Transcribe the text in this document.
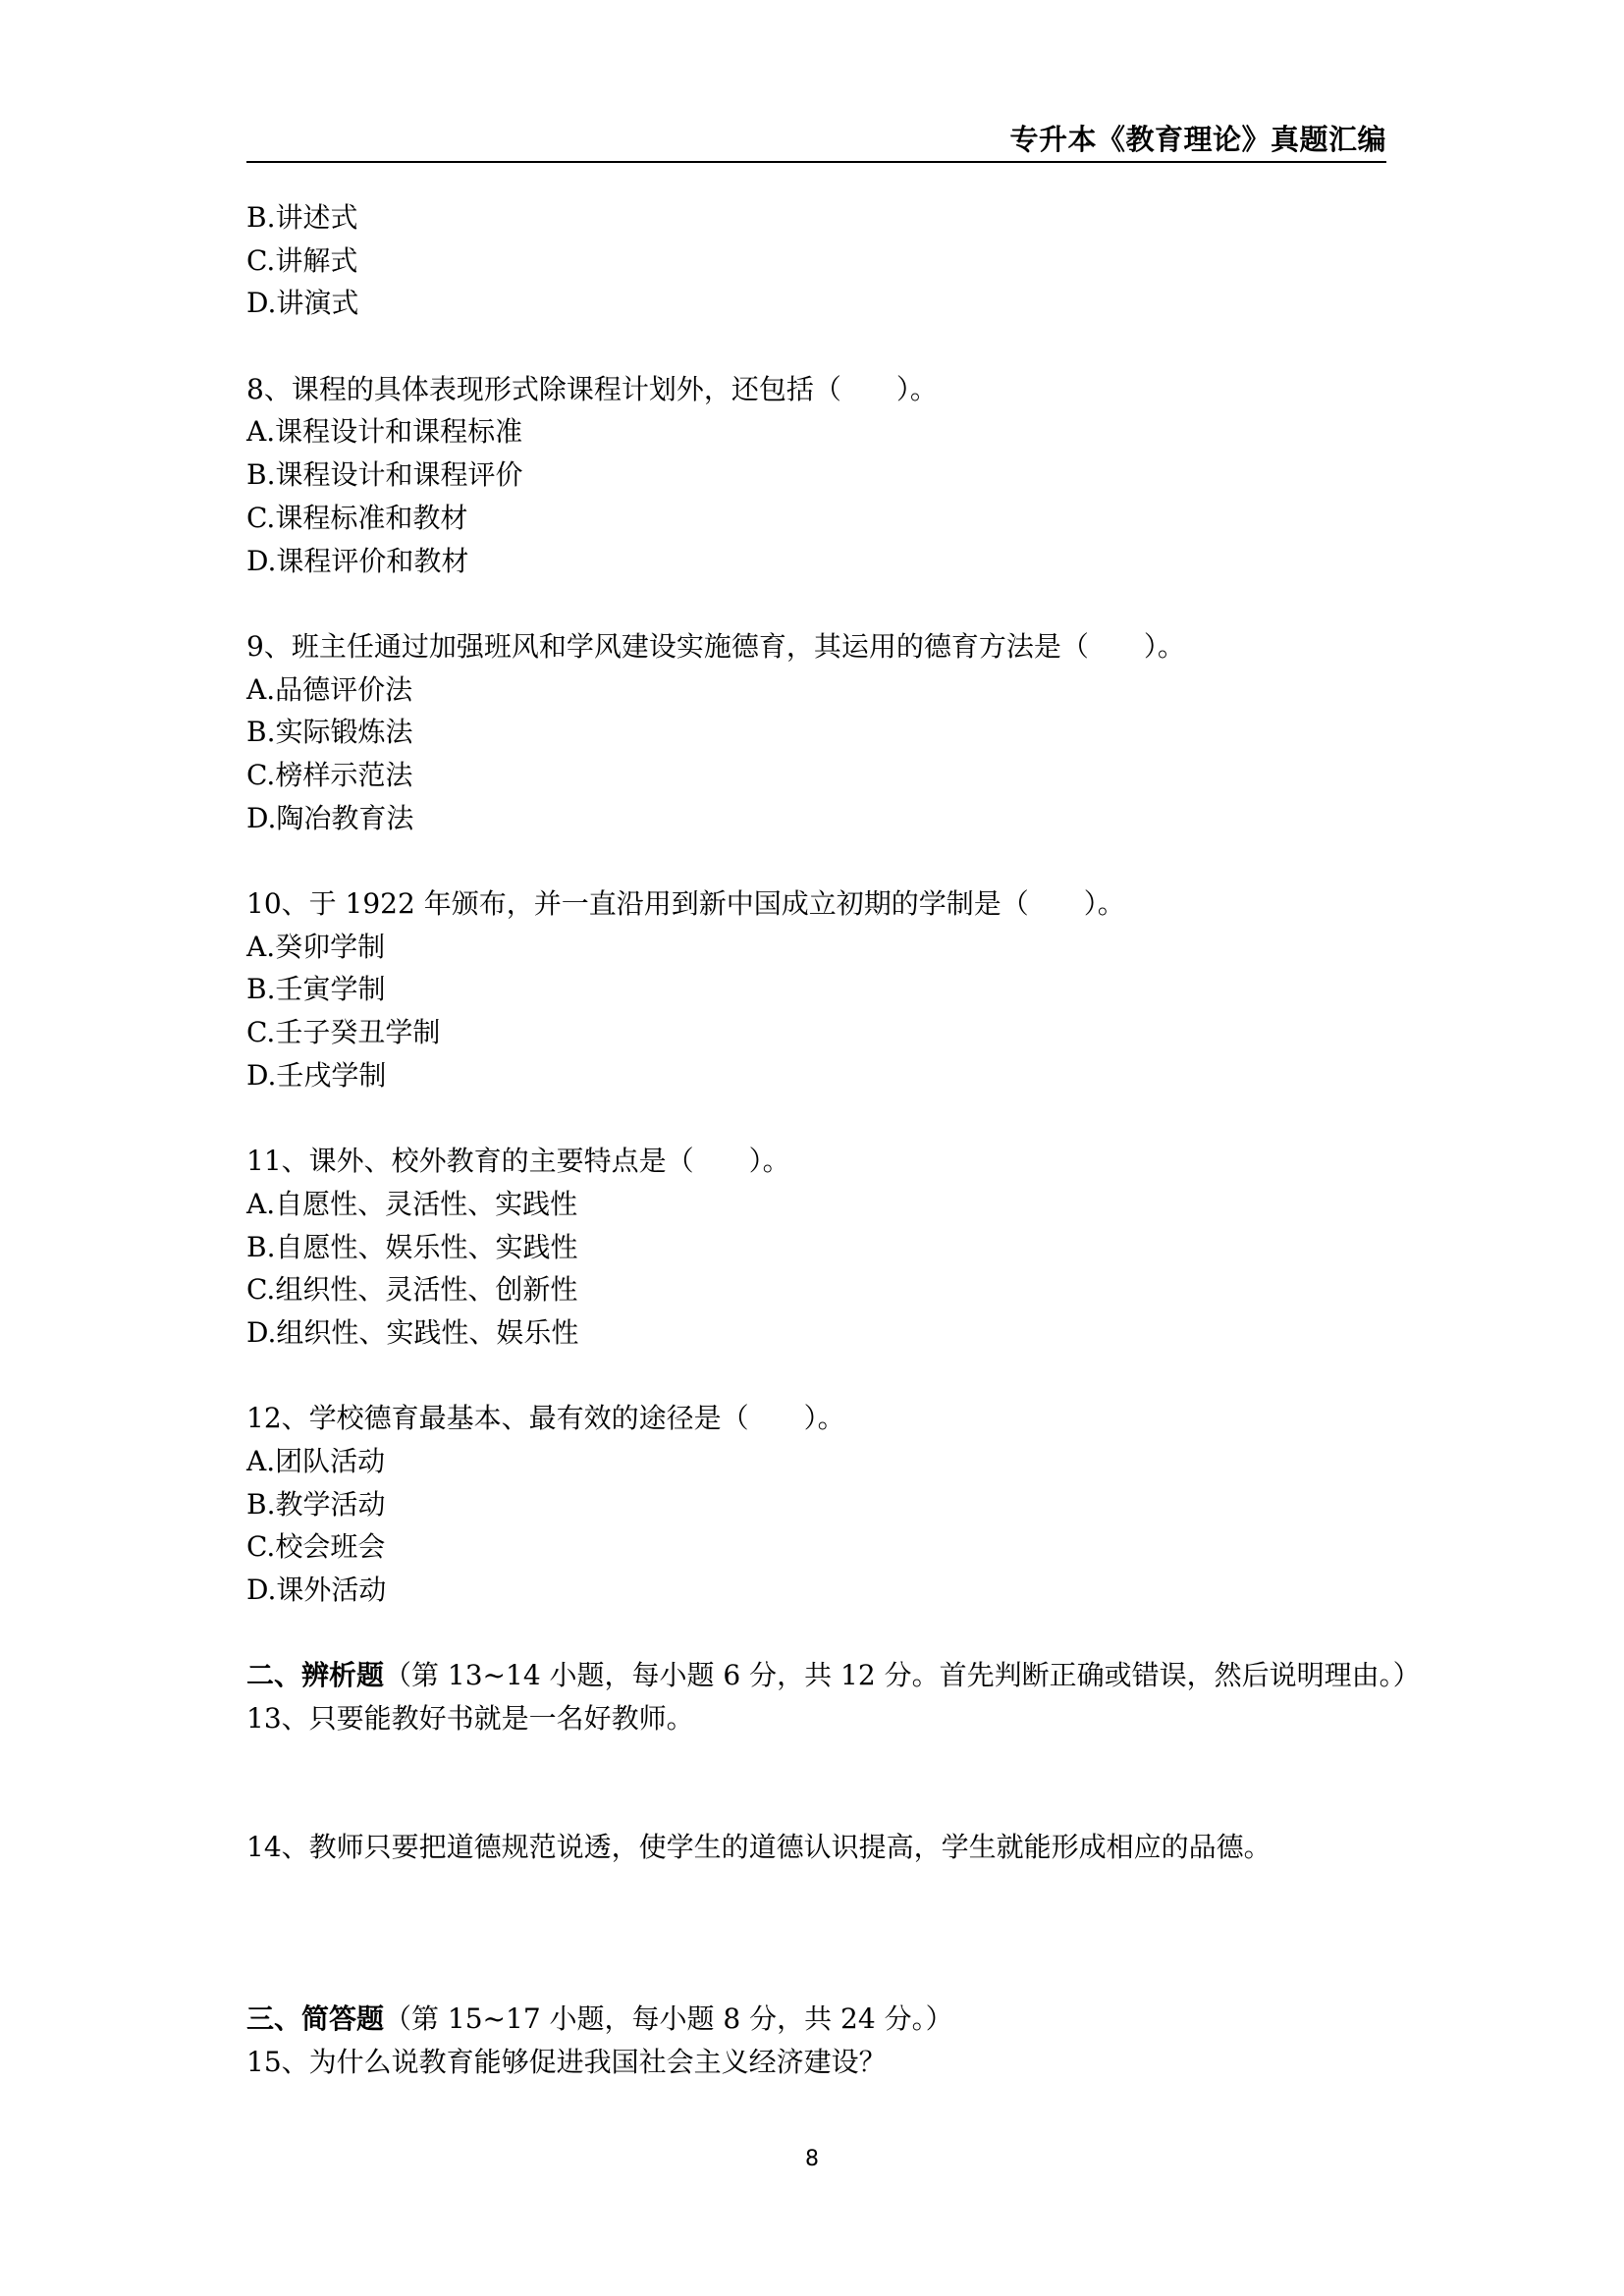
专升本《教育理论》真题汇编
B.讲述式
C.讲解式
D.讲演式
8、课程的具体表现形式除课程计划外，还包括（　　）。
A.课程设计和课程标准
B.课程设计和课程评价
C.课程标准和教材
D.课程评价和教材
9、班主任通过加强班风和学风建设实施德育，其运用的德育方法是（　　）。
A.品德评价法
B.实际锻炼法
C.榜样示范法
D.陶冶教育法
10、于 1922 年颁布，并一直沿用到新中国成立初期的学制是（　　）。
A.癸卯学制
B.壬寅学制
C.壬子癸丑学制
D.壬戌学制
11、课外、校外教育的主要特点是（　　）。
A.自愿性、灵活性、实践性
B.自愿性、娱乐性、实践性
C.组织性、灵活性、创新性
D.组织性、实践性、娱乐性
12、学校德育最基本、最有效的途径是（　　）。
A.团队活动
B.教学活动
C.校会班会
D.课外活动
二、辨析题（第 13~14 小题，每小题 6 分，共 12 分。首先判断正确或错误，然后说明理由。）
13、只要能教好书就是一名好教师。
14、教师只要把道德规范说透，使学生的道德认识提高，学生就能形成相应的品德。
三、简答题（第 15~17 小题，每小题 8 分，共 24 分。）
15、为什么说教育能够促进我国社会主义经济建设？
8
